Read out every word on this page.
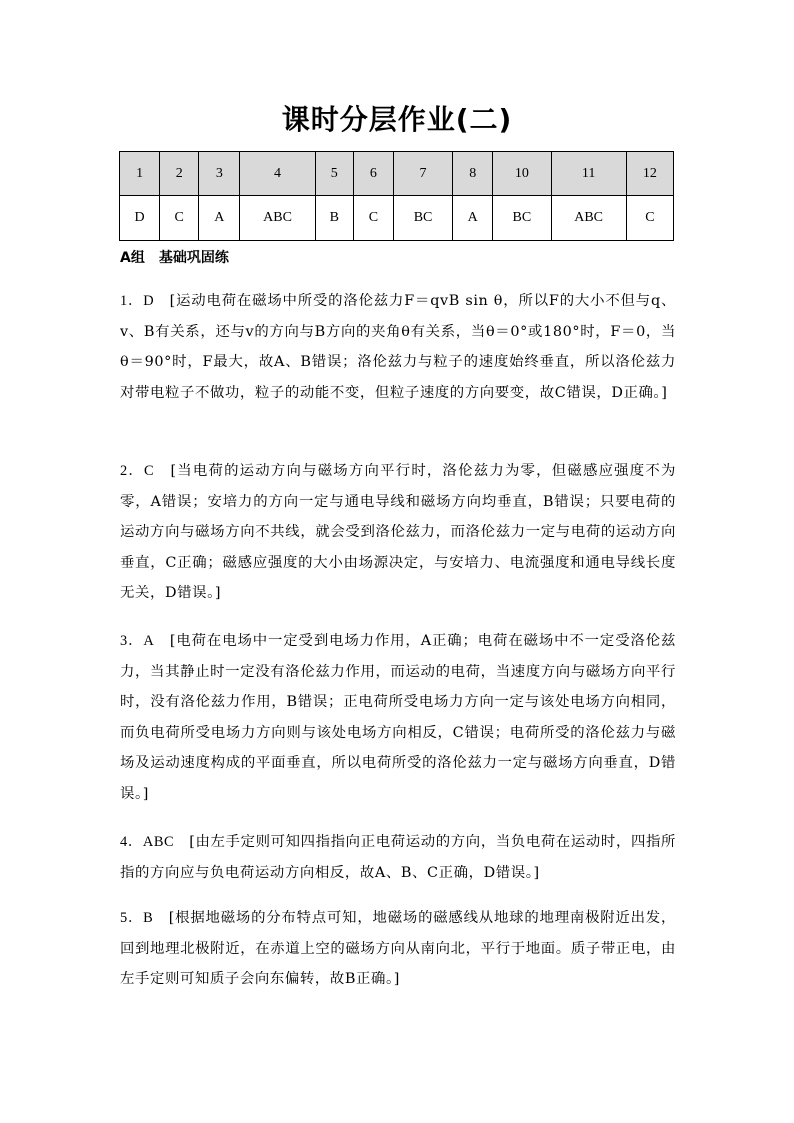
课时分层作业(二)
1	2	3	4	5	6	7	8	10	11	12
D	C	A	ABC	B	C	BC	A	BC	ABC	C
A组　基础巩固练
1．D　 [运动电荷在磁场中所受的洛伦兹力F＝qvB sin θ，所以F的大小不但与q、v、B有关系，还与v的方向与B方向的夹角θ有关系，当θ＝0°或180°时，F＝0，当θ＝90°时，F最大，故A、B错误；洛伦兹力与粒子的速度始终垂直，所以洛伦兹力对带电粒子不做功，粒子的动能不变，但粒子速度的方向要变，故C错误，D正确。]
2．C　 [当电荷的运动方向与磁场方向平行时，洛伦兹力为零，但磁感应强度不为零，A错误；安培力的方向一定与通电导线和磁场方向均垂直，B错误；只要电荷的运动方向与磁场方向不共线，就会受到洛伦兹力，而洛伦兹力一定与电荷的运动方向垂直，C正确；磁感应强度的大小由场源决定，与安培力、电流强度和通电导线长度无关，D错误。]
3．A　 [电荷在电场中一定受到电场力作用，A正确；电荷在磁场中不一定受洛伦兹力，当其静止时一定没有洛伦兹力作用，而运动的电荷，当速度方向与磁场方向平行时，没有洛伦兹力作用，B错误；正电荷所受电场力方向一定与该处电场方向相同，而负电荷所受电场力方向则与该处电场方向相反，C错误；电荷所受的洛伦兹力与磁场及运动速度构成的平面垂直，所以电荷所受的洛伦兹力一定与磁场方向垂直，D错误。]
4．ABC　 [由左手定则可知四指指向正电荷运动的方向，当负电荷在运动时，四指所指的方向应与负电荷运动方向相反，故A、B、C正确，D错误。]
5．B　 [根据地磁场的分布特点可知，地磁场的磁感线从地球的地理南极附近出发，回到地理北极附近，在赤道上空的磁场方向从南向北，平行于地面。质子带正电，由左手定则可知质子会向东偏转，故B正确。]
